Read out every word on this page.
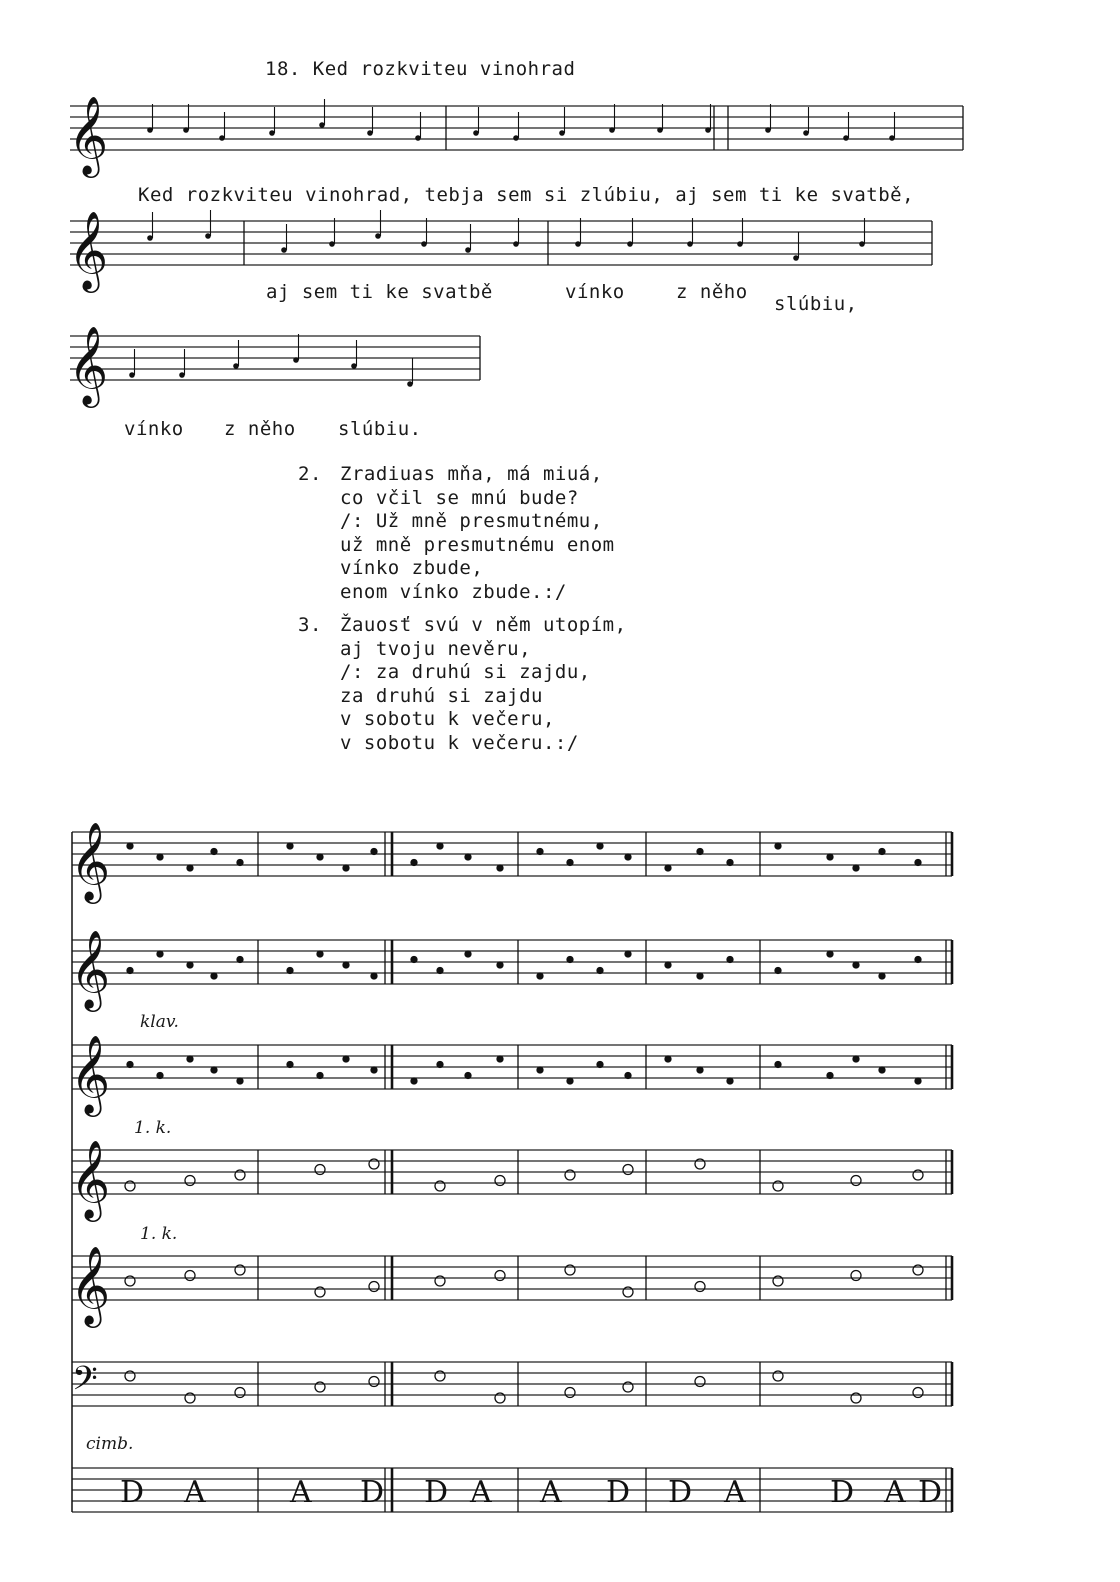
18. Ked rozkviteu vinohrad
𝄞
𝄞
𝄞
𝄞
𝄞
𝄞
𝄞
𝄞
𝄢
D A	A D D A A D D A	D A D
Ked rozkviteu vinohrad, tebja sem si zlúbiu, aj sem ti ke svatbě,
aj sem ti ke svatbě	vínko	z něho
slúbiu,
vínko z něho slúbiu.
2. Zradiuas mňa, má miuá,
co včil se mnú bude?
/: Už mně presmutnému,
už mně presmutnému enom
vínko zbude,
enom vínko zbude.:/
3. Žauosť svú v něm utopím,
aj tvoju nevěru,
/: za druhú si zajdu,
za druhú si zajdu
v sobotu k večeru,
v sobotu k večeru.:/
klav.
1. k.
1. k.
cimb.
